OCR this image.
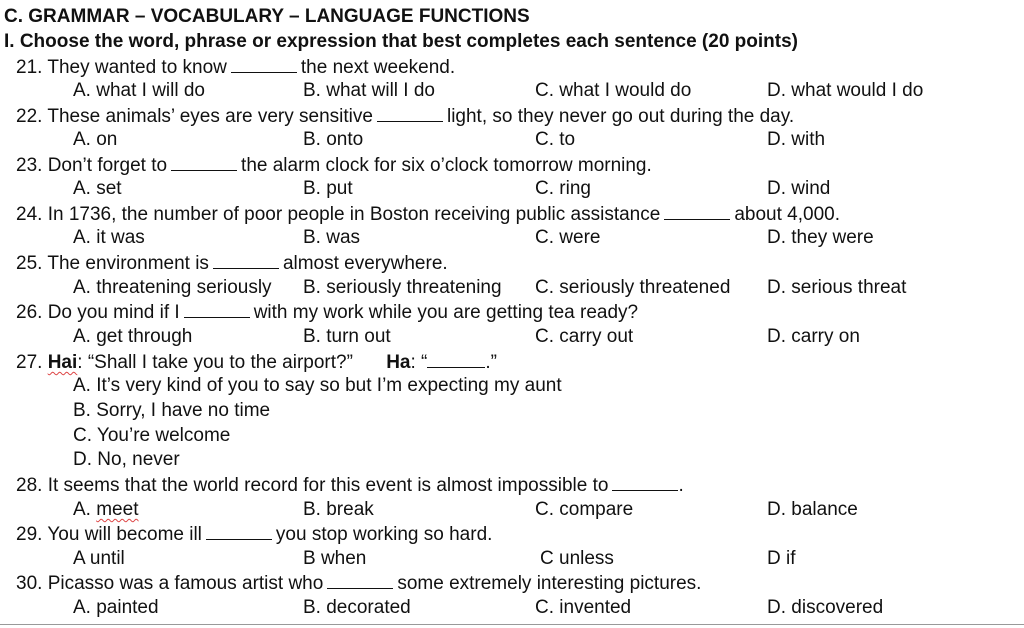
C. GRAMMAR – VOCABULARY – LANGUAGE FUNCTIONS
I. Choose the word, phrase or expression that best completes each sentence (20 points)
21. They wanted to know	the next weekend.
A. what I will do	B. what will I do	C. what I would do	D. what would I do
22. These animals’ eyes are very sensitive	light, so they never go out during the day.
A. on	B. onto	C. to	D. with
23. Don’t forget to	the alarm clock for six o’clock tomorrow morning.
A. set	B. put	C. ring	D. wind
24. In 1736, the number of poor people in Boston receiving public assistance	about 4,000.
A. it was	B. was	C. were	D. they were
25. The environment is	almost everywhere.
A. threatening seriously B. seriously threatening C. seriously threatened D. serious threat
26. Do you mind if I	with my work while you are getting tea ready?
A. get through	B. turn out	C. carry out	D. carry on
27. Hai: “Shall I take you to the airport?” Ha: “	.”
A. It’s very kind of you to say so but I’m expecting my aunt
B. Sorry, I have no time
C. You’re welcome
D. No, never
28. It seems that the world record for this event is almost impossible to	.
A. meet	B. break	C. compare	D. balance
29. You will become ill	you stop working so hard.
A until	B when	C unless	D if
30. Picasso was a famous artist who	some extremely interesting pictures.
A. painted	B. decorated	C. invented	D. discovered
